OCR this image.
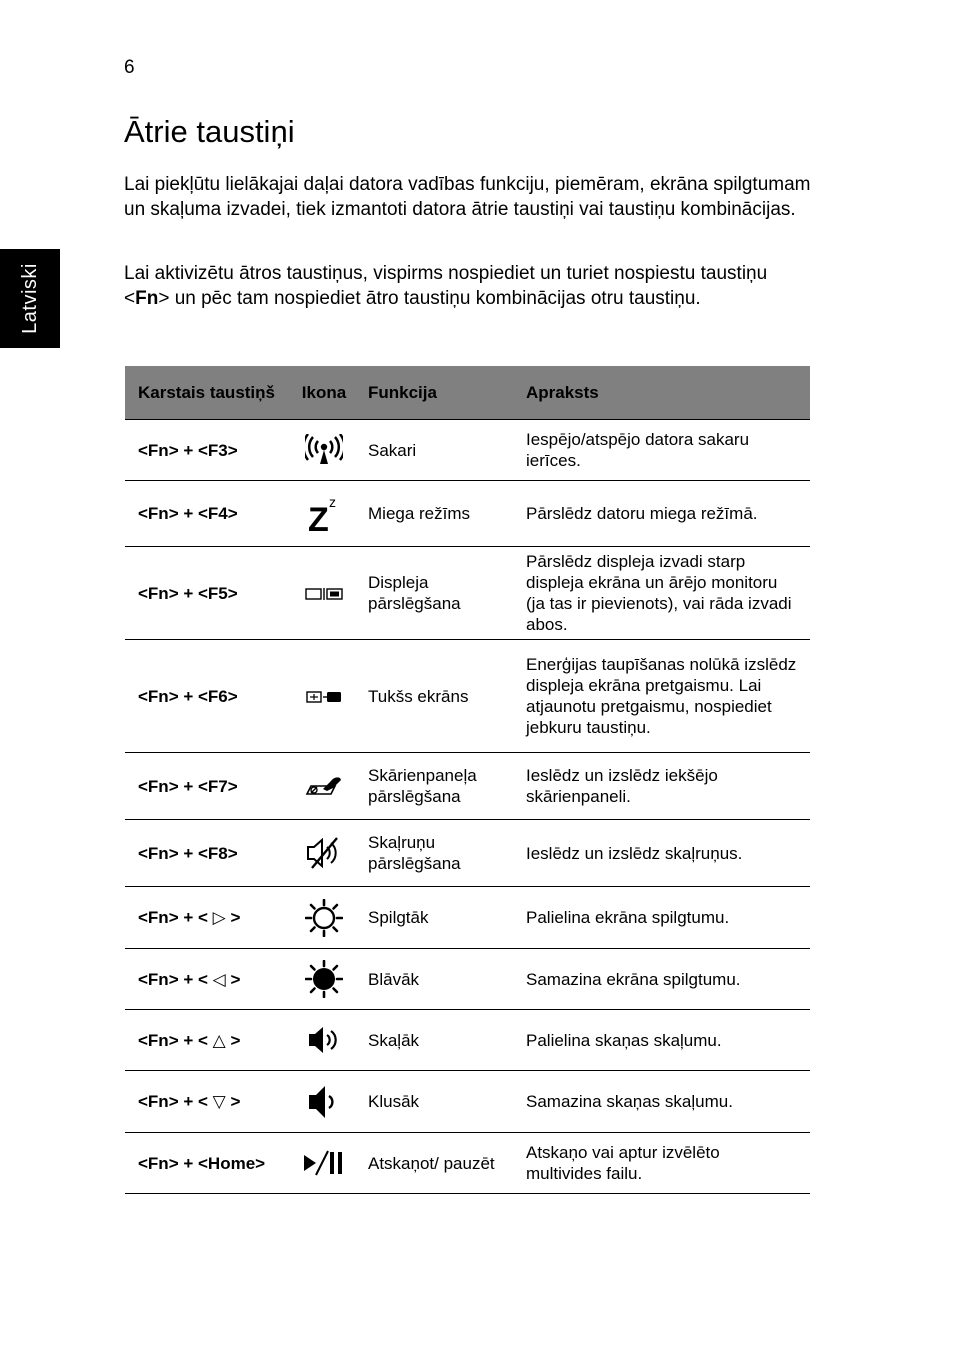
6
Latviski
Ātrie taustiņi

Lai piekļūtu lielākajai daļai datora vadības funkciju, piemēram, ekrāna spilgtumam un skaļuma izvadei, tiek izmantoti datora ātrie taustiņi vai taustiņu kombinācijas.

Lai aktivizētu ātros taustiņus, vispirms nospiediet un turiet nospiestu taustiņu <Fn> un pēc tam nospiediet ātro taustiņu kombinācijas otru taustiņu.

Karstais taustiņš	Ikona	Funkcija	Apraksts
<Fn> + <F3>		Sakari	Iespējo/atspējo datora sakaru ierīces.
<Fn> + <F4>	Z z	Miega režīms	Pārslēdz datoru miega režīmā.
<Fn> + <F5>		Displeja pārslēgšana	Pārslēdz displeja izvadi starp displeja ekrāna un ārējo monitoru (ja tas ir pievienots), vai rāda izvadi abos.
<Fn> + <F6>		Tukšs ekrāns	Enerģijas taupīšanas nolūkā izslēdz displeja ekrāna pretgaismu. Lai atjaunotu pretgaismu, nospiediet jebkuru taustiņu.
<Fn> + <F7>		Skārienpaneļa pārslēgšana	Ieslēdz un izslēdz iekšējo skārienpaneli.
<Fn> + <F8>		Skaļruņu pārslēgšana	Ieslēdz un izslēdz skaļruņus.
<Fn> + < ▷ >		Spilgtāk	Palielina ekrāna spilgtumu.
<Fn> + < ◁ >		Blāvāk	Samazina ekrāna spilgtumu.
<Fn> + < △ >		Skaļāk	Palielina skaņas skaļumu.
<Fn> + < ▽ >		Klusāk	Samazina skaņas skaļumu.
<Fn> + <Home>		Atskaņot/ pauzēt	Atskaņo vai aptur izvēlēto multivides failu.
